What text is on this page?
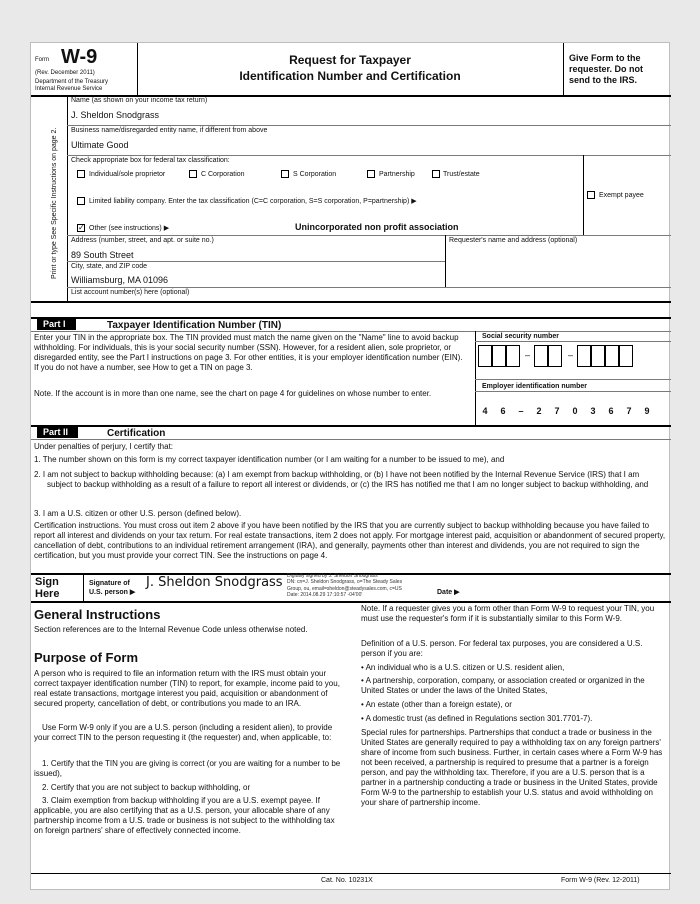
Form W-9
(Rev. December 2011)
Department of the Treasury
Internal Revenue Service
Request for Taxpayer
Identification Number and Certification
Give Form to the
requester. Do not
send to the IRS.
Print or type See Specific Instructions on page 2.
Name (as shown on your income tax return)
J. Sheldon Snodgrass
Business name/disregarded entity name, if different from above
Ultimate Good
Check appropriate box for federal tax classification:
Individual/sole proprietor	C Corporation	S Corporation	Partnership	Trust/estate
Limited liability company. Enter the tax classification (C=C corporation, S=S corporation, P=partnership) ▶
Exempt payee
✓ Other (see instructions) ▶	Unincorporated non profit association
Address (number, street, and apt. or suite no.)
89 South Street
Requester's name and address (optional)
City, state, and ZIP code
Williamsburg, MA 01096
List account number(s) here (optional)
Part I	Taxpayer Identification Number (TIN)

Enter your TIN in the appropriate box. The TIN provided must match the name given on the "Name" line to avoid backup withholding. For individuals, this is your social security number (SSN). However, for a resident alien, sole proprietor, or disregarded entity, see the Part I instructions on page 3. For other entities, it is your employer identification number (EIN). If you do not have a number, see How to get a TIN on page 3.

Note. If the account is in more than one name, see the chart on page 4 for guidelines on whose number to enter.

Social security number
–	–
Employer identification number
4	6	–	2	7	0	3	6	7	9
Part II	Certification

Under penalties of perjury, I certify that:

1. The number shown on this form is my correct taxpayer identification number (or I am waiting for a number to be issued to me), and

2. I am not subject to backup withholding because: (a) I am exempt from backup withholding, or (b) I have not been notified by the Internal Revenue Service (IRS) that I am subject to backup withholding as a result of a failure to report all interest or dividends, or (c) the IRS has notified me that I am no longer subject to backup withholding, and

3. I am a U.S. citizen or other U.S. person (defined below).

Certification instructions. You must cross out item 2 above if you have been notified by the IRS that you are currently subject to backup withholding because you have failed to report all interest and dividends on your tax return. For real estate transactions, item 2 does not apply. For mortgage interest paid, acquisition or abandonment of secured property, cancellation of debt, contributions to an individual retirement arrangement (IRA), and generally, payments other than interest and dividends, you are not required to sign the certification, but you must provide your correct TIN. See the instructions on page 4.

Sign
Here
Signature of
U.S. person ▶
J. Sheldon Snodgrass Digitally signed by J. Sheldon Snodgrass
DN: cn=J. Sheldon Snodgrass, o=The Steady Sales
Group, ou, email=sheldon@steadysales.com, c=US
Date: 2014.08.29 17:10:57 -04'00'	Date ▶
General Instructions

Section references are to the Internal Revenue Code unless otherwise noted.

Purpose of Form

A person who is required to file an information return with the IRS must obtain your correct taxpayer identification number (TIN) to report, for example, income paid to you, real estate transactions, mortgage interest you paid, acquisition or abandonment of secured property, cancellation of debt, or contributions you made to an IRA.

Use Form W-9 only if you are a U.S. person (including a resident alien), to provide your correct TIN to the person requesting it (the requester) and, when applicable, to:

1. Certify that the TIN you are giving is correct (or you are waiting for a number to be issued),

2. Certify that you are not subject to backup withholding, or

3. Claim exemption from backup withholding if you are a U.S. exempt payee. If applicable, you are also certifying that as a U.S. person, your allocable share of any partnership income from a U.S. trade or business is not subject to the withholding tax on foreign partners' share of effectively connected income.

Note. If a requester gives you a form other than Form W-9 to request your TIN, you must use the requester's form if it is substantially similar to this Form W-9.

Definition of a U.S. person. For federal tax purposes, you are considered a U.S. person if you are:

• An individual who is a U.S. citizen or U.S. resident alien,

• A partnership, corporation, company, or association created or organized in the United States or under the laws of the United States,

• An estate (other than a foreign estate), or

• A domestic trust (as defined in Regulations section 301.7701-7).

Special rules for partnerships. Partnerships that conduct a trade or business in the United States are generally required to pay a withholding tax on any foreign partners' share of income from such business. Further, in certain cases where a Form W-9 has not been received, a partnership is required to presume that a partner is a foreign person, and pay the withholding tax. Therefore, if you are a U.S. person that is a partner in a partnership conducting a trade or business in the United States, provide Form W-9 to the partnership to establish your U.S. status and avoid withholding on your share of partnership income.

Cat. No. 10231X	Form W-9 (Rev. 12-2011)
